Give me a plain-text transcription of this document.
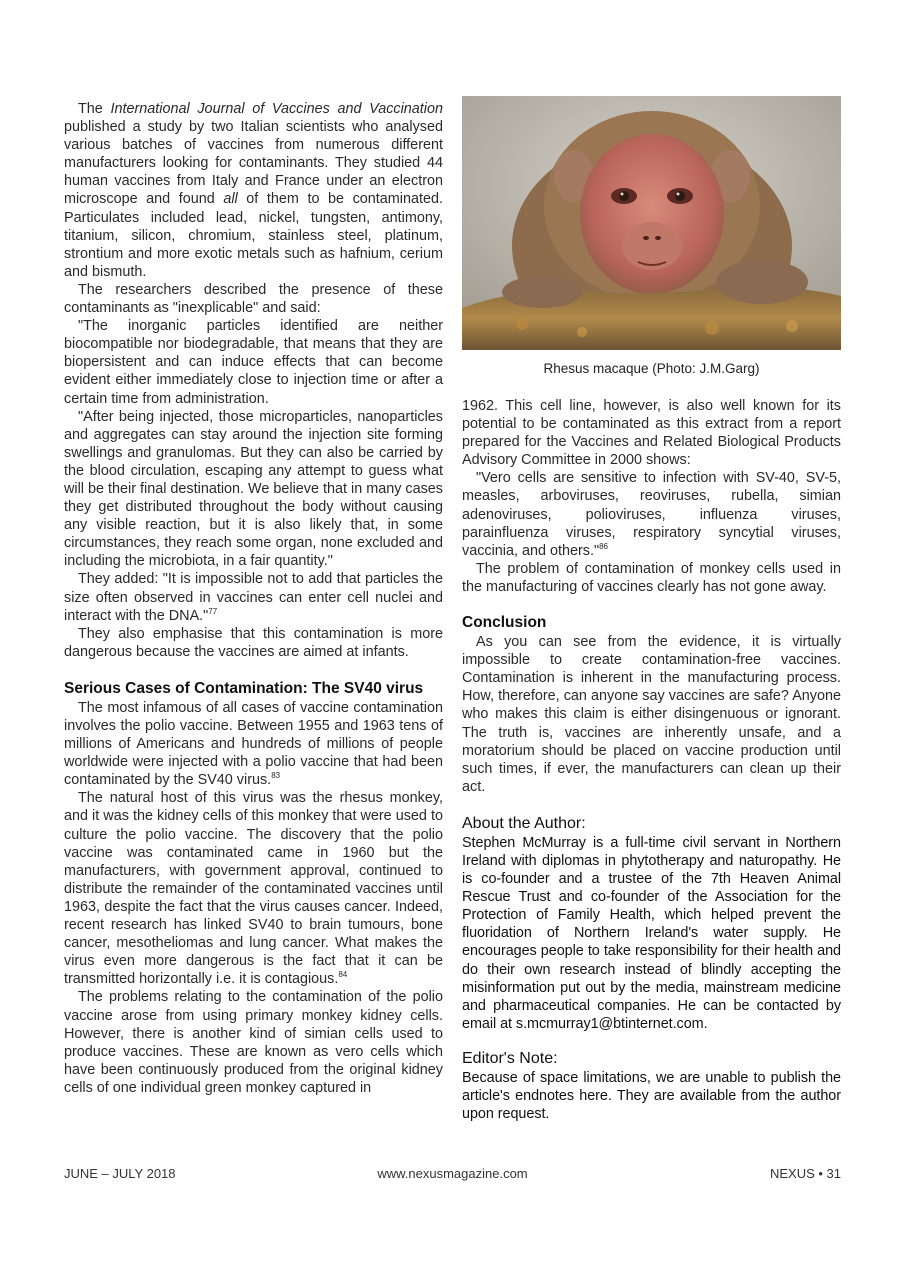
The International Journal of Vaccines and Vaccination published a study by two Italian scientists who analysed various batches of vaccines from numerous different manufacturers looking for contaminants. They studied 44 human vaccines from Italy and France under an electron microscope and found all of them to be contaminated. Particulates included lead, nickel, tungsten, antimony, titanium, silicon, chromium, stainless steel, platinum, strontium and more exotic metals such as hafnium, cerium and bismuth.

The researchers described the presence of these contaminants as "inexplicable" and said:

"The inorganic particles identified are neither biocompatible nor biodegradable, that means that they are biopersistent and can induce effects that can become evident either immediately close to injection time or after a certain time from administration.

"After being injected, those microparticles, nanoparticles and aggregates can stay around the injection site forming swellings and granulomas. But they can also be carried by the blood circulation, escaping any attempt to guess what will be their final destination. We believe that in many cases they get distributed throughout the body without causing any visible reaction, but it is also likely that, in some circumstances, they reach some organ, none excluded and including the microbiota, in a fair quantity."

They added: "It is impossible not to add that particles the size often observed in vaccines can enter cell nuclei and interact with the DNA."$^{77}$

They also emphasise that this contamination is more dangerous because the vaccines are aimed at infants.

Serious Cases of Contamination: The SV40 virus

The most infamous of all cases of vaccine contamination involves the polio vaccine. Between 1955 and 1963 tens of millions of Americans and hundreds of millions of people worldwide were injected with a polio vaccine that had been contaminated by the SV40 virus.$^{83}$

The natural host of this virus was the rhesus monkey, and it was the kidney cells of this monkey that were used to culture the polio vaccine. The discovery that the polio vaccine was contaminated came in 1960 but the manufacturers, with government approval, continued to distribute the remainder of the contaminated vaccines until 1963, despite the fact that the virus causes cancer. Indeed, recent research has linked SV40 to brain tumours, bone cancer, mesotheliomas and lung cancer. What makes the virus even more dangerous is the fact that it can be transmitted horizontally i.e. it is contagious.$^{84}$

The problems relating to the contamination of the polio vaccine arose from using primary monkey kidney cells. However, there is another kind of simian cells used to produce vaccines. These are known as vero cells which have been continuously produced from the original kidney cells of one individual green monkey captured in

Rhesus macaque (Photo: J.M.Garg)

1962. This cell line, however, is also well known for its potential to be contaminated as this extract from a report prepared for the Vaccines and Related Biological Products Advisory Committee in 2000 shows:

"Vero cells are sensitive to infection with SV-40, SV-5, measles, arboviruses, reoviruses, rubella, simian adenoviruses, polioviruses, influenza viruses, parainfluenza viruses, respiratory syncytial viruses, vaccinia, and others."$^{86}$

The problem of contamination of monkey cells used in the manufacturing of vaccines clearly has not gone away.

Conclusion

As you can see from the evidence, it is virtually impossible to create contamination-free vaccines. Contamination is inherent in the manufacturing process. How, therefore, can anyone say vaccines are safe? Anyone who makes this claim is either disingenuous or ignorant. The truth is, vaccines are inherently unsafe, and a moratorium should be placed on vaccine production until such times, if ever, the manufacturers can clean up their act.

About the Author:

Stephen McMurray is a full-time civil servant in Northern Ireland with diplomas in phytotherapy and naturopathy. He is co-founder and a trustee of the 7th Heaven Animal Rescue Trust and co-founder of the Association for the Protection of Family Health, which helped prevent the fluoridation of Northern Ireland's water supply. He encourages people to take responsibility for their health and do their own research instead of blindly accepting the misinformation put out by the media, mainstream medicine and pharmaceutical companies. He can be contacted by email at s.mcmurray1@btinternet.com.

Editor's Note:

Because of space limitations, we are unable to publish the article's endnotes here. They are available from the author upon request.

JUNE – JULY 2018	www.nexusmagazine.com	NEXUS • 31
